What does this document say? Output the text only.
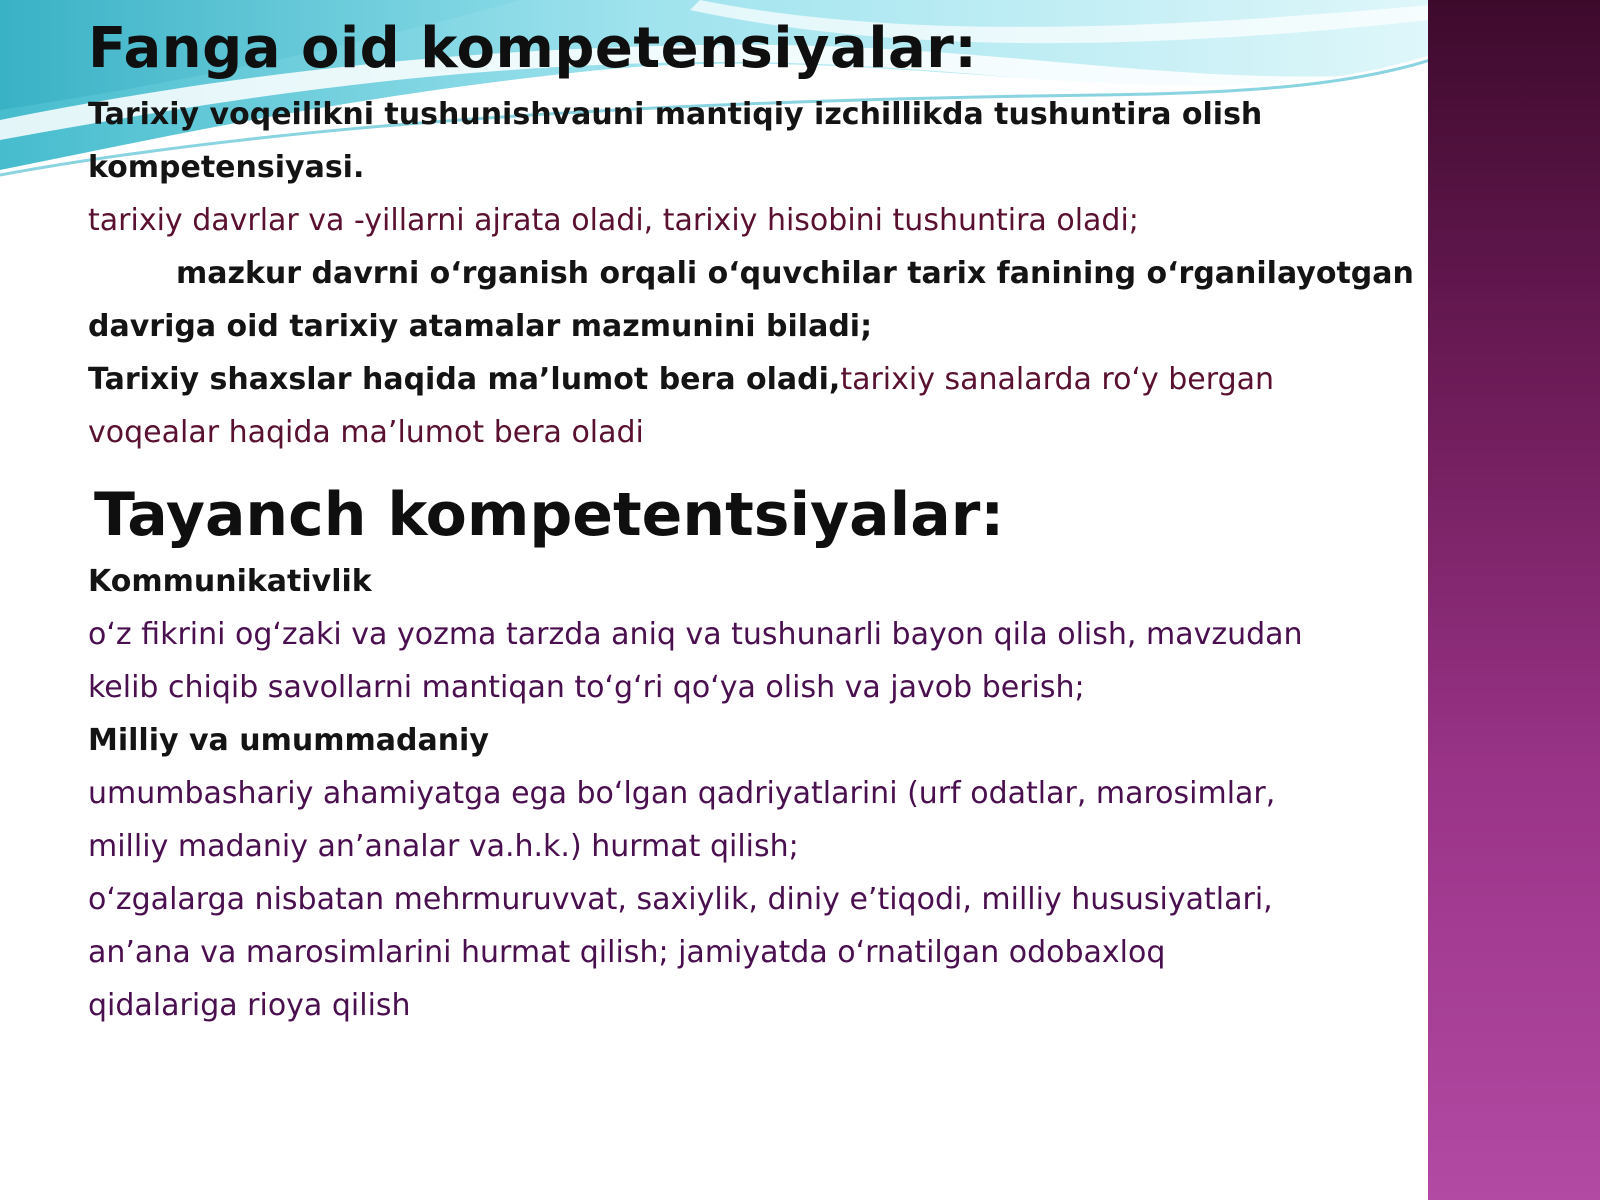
Fanga oid kompetensiyalar:

Tarixiy voqeilikni tushunishvauni mantiqiy izchillikda tushuntira olish

kompetensiyasi.

tarixiy davrlar va -yillarni ajrata oladi, tarixiy hisobini tushuntira oladi;

mazkur davrni o‘rganish orqali o‘quvchilar tarix fanining o‘rganilayotgan

davriga oid tarixiy atamalar mazmunini biladi;

Tarixiy shaxslar haqida ma’lumot bera oladi,tarixiy sanalarda ro‘y bergan

voqealar haqida ma’lumot bera oladi

Tayanch kompetentsiyalar:

Kommunikativlik

o‘z fikrini og‘zaki va yozma tarzda aniq va tushunarli bayon qila olish, mavzudan

kelib chiqib savollarni mantiqan to‘g‘ri qo‘ya olish va javob berish;

Milliy va umummadaniy

umumbashariy ahamiyatga ega bo‘lgan qadriyatlarini (urf odatlar, marosimlar,

milliy madaniy an’analar va.h.k.) hurmat qilish;

o‘zgalarga nisbatan mehrmuruvvat, saxiylik, diniy e’tiqodi, milliy hususiyatlari,

an’ana va marosimlarini hurmat qilish; jamiyatda o‘rnatilgan odobaxloq

qidalariga rioya qilish
